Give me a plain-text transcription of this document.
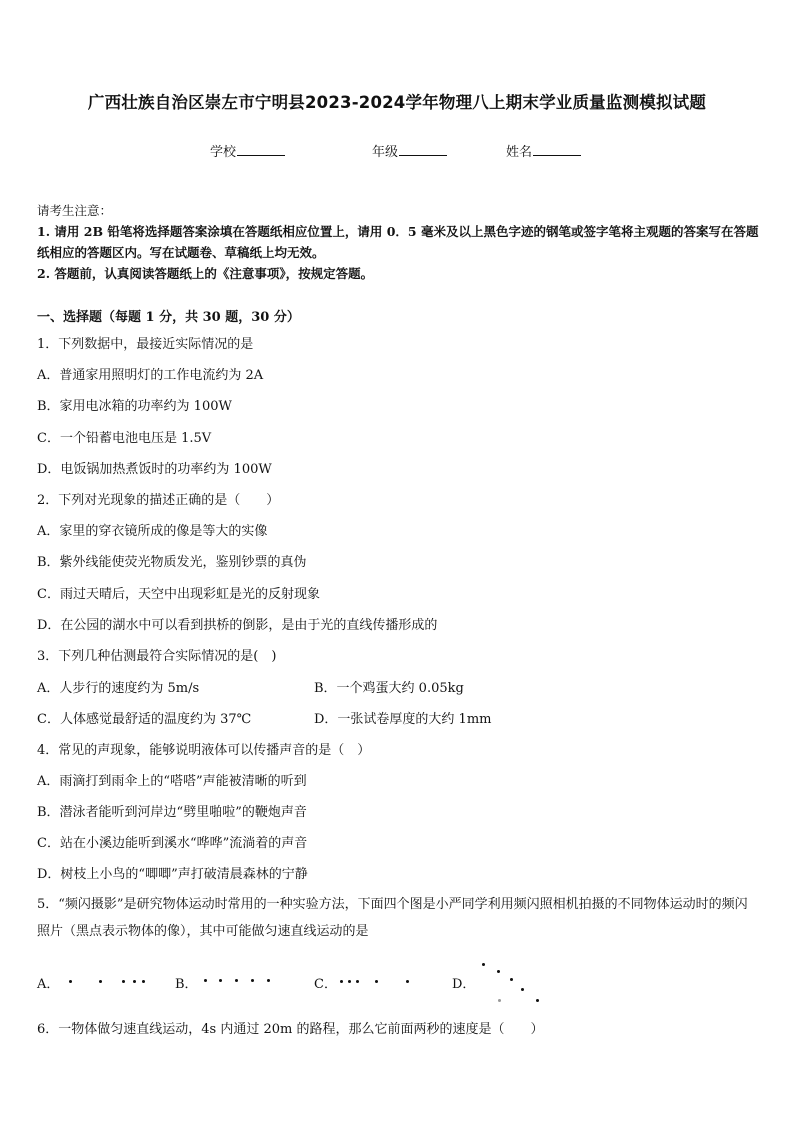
广西壮族自治区崇左市宁明县2023-2024学年物理八上期末学业质量监测模拟试题
学校	年级	姓名
请考生注意：
1. 请用 2B 铅笔将选择题答案涂填在答题纸相应位置上，请用 0．5 毫米及以上黑色字迹的钢笔或签字笔将主观题的答案写在答题纸相应的答题区内。写在试题卷、草稿纸上均无效。
2. 答题前，认真阅读答题纸上的《注意事项》，按规定答题。
一、选择题（每题 1 分，共 30 题，30 分）
1．下列数据中，最接近实际情况的是
A．普通家用照明灯的工作电流约为 2A
B．家用电冰箱的功率约为 100W
C．一个铅蓄电池电压是 1.5V
D．电饭锅加热煮饭时的功率约为 100W
2．下列对光现象的描述正确的是（　　）
A．家里的穿衣镜所成的像是等大的实像
B．紫外线能使荧光物质发光，鉴别钞票的真伪
C．雨过天晴后，天空中出现彩虹是光的反射现象
D．在公园的湖水中可以看到拱桥的倒影，是由于光的直线传播形成的
3．下列几种估测最符合实际情况的是(　)
A．人步行的速度约为 5m/s	B．一个鸡蛋大约 0.05kg
C．人体感觉最舒适的温度约为 37℃	D．一张试卷厚度的大约 1mm
4．常见的声现象，能够说明液体可以传播声音的是（　）
A．雨滴打到雨伞上的“嗒嗒”声能被清晰的听到
B．潜泳者能听到河岸边“劈里啪啦”的鞭炮声音
C．站在小溪边能听到溪水“哗哗”流淌着的声音
D．树枝上小鸟的“唧唧”声打破清晨森林的宁静
5．“频闪摄影”是研究物体运动时常用的一种实验方法，下面四个图是小严同学利用频闪照相机拍摄的不同物体运动时的频闪照片（黑点表示物体的像），其中可能做匀速直线运动的是
A．	B．	C．	D．
6．一物体做匀速直线运动，4s 内通过 20m 的路程，那么它前面两秒的速度是（　　）
